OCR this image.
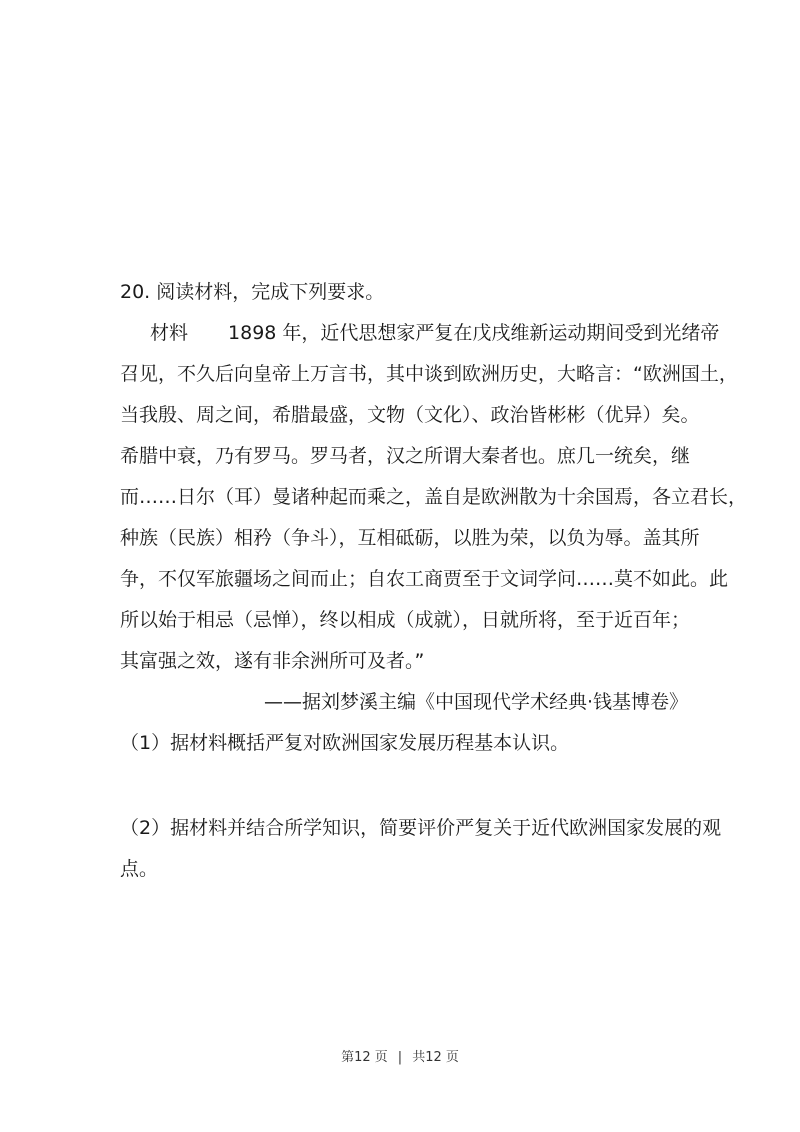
20. 阅读材料，完成下列要求。
材料 1898 年，近代思想家严复在戊戌维新运动期间受到光绪帝
召见，不久后向皇帝上万言书，其中谈到欧洲历史，大略言：“欧洲国土，
当我殷、周之间，希腊最盛，文物（文化）、政治皆彬彬（优异）矣。
希腊中衰，乃有罗马。罗马者，汉之所谓大秦者也。庶几一统矣，继
而……日尔（耳）曼诸种起而乘之，盖自是欧洲散为十余国焉，各立君长，
种族（民族）相矜（争斗），互相砥砺，以胜为荣，以负为辱。盖其所
争，不仅军旅疆场之间而止；自农工商贾至于文词学问……莫不如此。此
所以始于相忌（忌惮），终以相成（成就），日就所将，至于近百年；
其富强之效，遂有非余洲所可及者。”
——据刘梦溪主编《中国现代学术经典·钱基博卷》
（1）据材料概括严复对欧洲国家发展历程基本认识。
（2）据材料并结合所学知识，简要评价严复关于近代欧洲国家发展的观
点。
第12 页 | 共12 页
